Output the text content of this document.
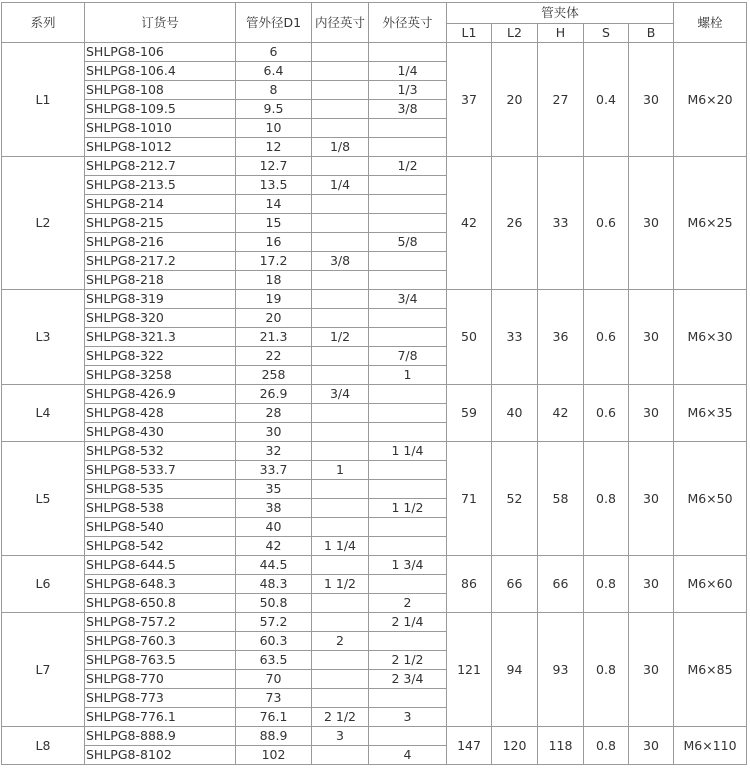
系列	订货号	管外径D1	内径英寸	外径英寸	管夹体					螺栓
					L1	L2	H	S	B	
L1	SHLPG8-106	6			37	20	27	0.4	30	M6×20
	SHLPG8-106.4	6.4		1/4						
	SHLPG8-108	8		1/3						
	SHLPG8-109.5	9.5		3/8						
	SHLPG8-1010	10								
	SHLPG8-1012	12	1/8							
L2	SHLPG8-212.7	12.7		1/2	42	26	33	0.6	30	M6×25
	SHLPG8-213.5	13.5	1/4							
	SHLPG8-214	14								
	SHLPG8-215	15								
	SHLPG8-216	16		5/8						
	SHLPG8-217.2	17.2	3/8							
	SHLPG8-218	18								
L3	SHLPG8-319	19		3/4	50	33	36	0.6	30	M6×30
	SHLPG8-320	20								
	SHLPG8-321.3	21.3	1/2							
	SHLPG8-322	22		7/8						
	SHLPG8-3258	258		1						
L4	SHLPG8-426.9	26.9	3/4		59	40	42	0.6	30	M6×35
	SHLPG8-428	28								
	SHLPG8-430	30								
L5	SHLPG8-532	32		1 1/4	71	52	58	0.8	30	M6×50
	SHLPG8-533.7	33.7	1							
	SHLPG8-535	35								
	SHLPG8-538	38		1 1/2						
	SHLPG8-540	40								
	SHLPG8-542	42	1 1/4							
L6	SHLPG8-644.5	44.5		1 3/4	86	66	66	0.8	30	M6×60
	SHLPG8-648.3	48.3	1 1/2							
	SHLPG8-650.8	50.8		2						
L7	SHLPG8-757.2	57.2		2 1/4	121	94	93	0.8	30	M6×85
	SHLPG8-760.3	60.3	2							
	SHLPG8-763.5	63.5		2 1/2						
	SHLPG8-770	70		2 3/4						
	SHLPG8-773	73								
	SHLPG8-776.1	76.1	2 1/2	3						
L8	SHLPG8-888.9	88.9	3		147	120	118	0.8	30	M6×110
	SHLPG8-8102	102		4						
